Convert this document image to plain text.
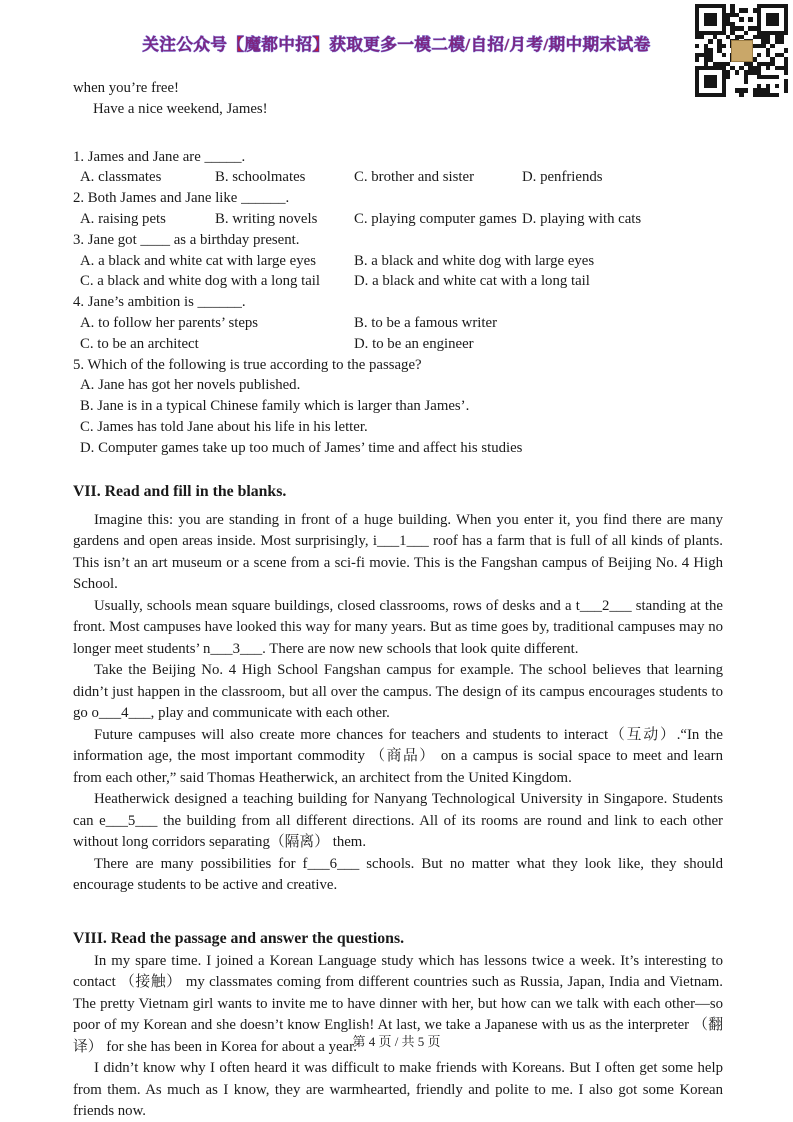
关注公众号【魔都中招】获取更多一模二模/自招/月考/期中期末试卷
when you’re free!
Have a nice weekend, James!
1. James and Jane are _____.
A. classmates	B. schoolmates	C. brother and sister	D. penfriends
2. Both James and Jane like ______.
A. raising pets	B. writing novels	C. playing computer games D. playing with cats
3. Jane got ____ as a birthday present.
A. a black and white cat with large eyes	B. a black and white dog with large eyes
C. a black and white dog with a long tail	D. a black and white cat with a long tail
4. Jane’s ambition is ______.
A. to follow her parents’ steps	B. to be a famous writer
C. to be an architect	D. to be an engineer
5. Which of the following is true according to the passage?
A. Jane has got her novels published.
B. Jane is in a typical Chinese family which is larger than James’.
C. James has told Jane about his life in his letter.
D. Computer games take up too much of James’ time and affect his studies
VII. Read and fill in the blanks.

Imagine this: you are standing in front of a huge building. When you enter it, you find there are many gardens and open areas inside. Most surprisingly, i___1___ roof has a farm that is full of all kinds of plants. This isn’t an art museum or a scene from a sci-fi movie. This is the Fangshan campus of Beijing No. 4 High School.

Usually, schools mean square buildings, closed classrooms, rows of desks and a t___2___ standing at the front. Most campuses have looked this way for many years. But as time goes by, traditional campuses may no longer meet students’ n___3___. There are now new schools that look quite different.

Take the Beijing No. 4 High School Fangshan campus for example. The school believes that learning didn’t just happen in the classroom, but all over the campus. The design of its campus encourages students to go o___4___, play and communicate with each other.

Future campuses will also create more chances for teachers and students to interact（互动）.“In the information age, the most important commodity （商品） on a campus is social space to meet and learn from each other,” said Thomas Heatherwick, an architect from the United Kingdom.

Heatherwick designed a teaching building for Nanyang Technological University in Singapore. Students can e___5___ the building from all different directions. All of its rooms are round and link to each other without long corridors separating（隔离） them.

There are many possibilities for f___6___ schools. But no matter what they look like, they should encourage students to be active and creative.

VIII. Read the passage and answer the questions.

In my spare time. I joined a Korean Language study which has lessons twice a week. It’s interesting to contact （接触） my classmates coming from different countries such as Russia, Japan, India and Vietnam. The pretty Vietnam girl wants to invite me to have dinner with her, but how can we talk with each other—so poor of my Korean and she doesn’t know English! At last, we take a Japanese with us as the interpreter （翻译） for she has been in Korea for about a year.

I didn’t know why I often heard it was difficult to make friends with Koreans. But I often get some help from them. As much as I know, they are warmhearted, friendly and polite to me. I also got some Korean friends now.

第 4 页 / 共 5 页
